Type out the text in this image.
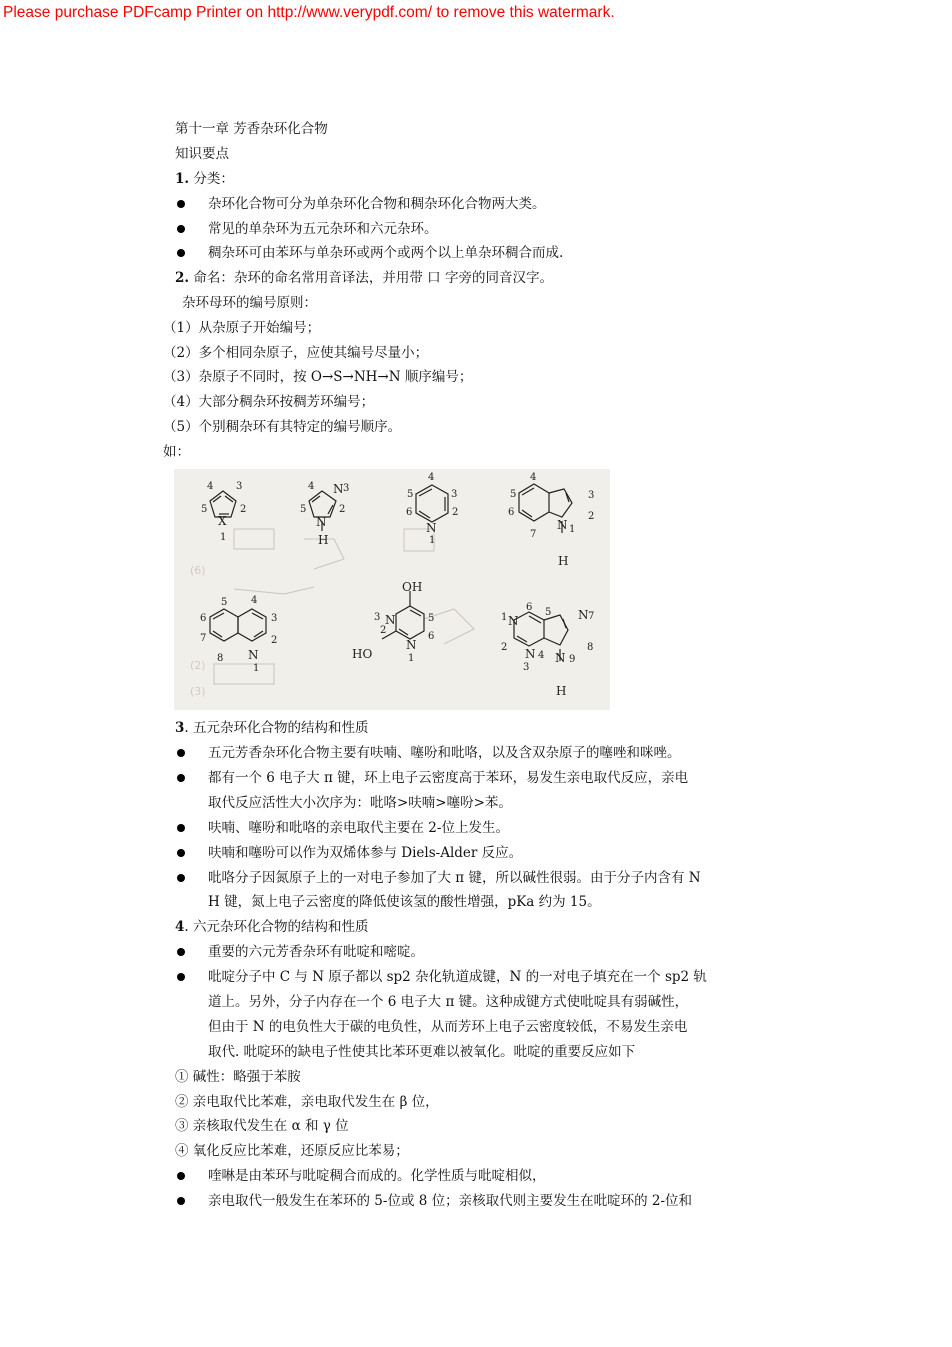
Please purchase PDFcamp Printer on http://www.verypdf.com/ to remove this watermark.

第十一章 芳香杂环化合物

知识要点

1. 分类：

杂环化合物可分为单杂环化合物和稠杂环化合物两大类。

常见的单杂环为五元杂环和六元杂环。

稠杂环可由苯环与单杂环或两个或两个以上单杂环稠合而成.

2. 命名：杂环的命名常用音译法，并用带 口 字旁的同音汉字。

杂环母环的编号原则：

（1）从杂原子开始编号；

（2）多个相同杂原子，应使其编号尽量小；

（3）杂原子不同时，按 O→S→NH→N 顺序编号；

（4）大部分稠杂环按稠芳环编号；

（5）个别稠杂环有其特定的编号顺序。

如：

(6)
(2)
(3)
4 3
5	2
X
1
4 N 3
5	2
N
H
4
5	3
6	2
N
1
4
5	3
6	2
7
N 1
H
5 4
6	3
7	2
8 N
1
OH
3 N	5
2
6
HO
N
1
6
1 N
5 N 7
2	8
N 4
3
N 9
H

3. 五元杂环化合物的结构和性质

五元芳香杂环化合物主要有呋喃、噻吩和吡咯，以及含双杂原子的噻唑和咪唑。

都有一个 6 电子大 π 键，环上电子云密度高于苯环，易发生亲电取代反应，亲电

取代反应活性大小次序为：吡咯>呋喃>噻吩>苯。

呋喃、噻吩和吡咯的亲电取代主要在 2-位上发生。

呋喃和噻吩可以作为双烯体参与 Diels-Alder 反应。

吡咯分子因氮原子上的一对电子参加了大 π 键，所以碱性很弱。由于分子内含有 N

H 键，氮上电子云密度的降低使该氢的酸性增强，pKa 约为 15。

4. 六元杂环化合物的结构和性质

重要的六元芳香杂环有吡啶和嘧啶。

吡啶分子中 C 与 N 原子都以 sp2 杂化轨道成键，N 的一对电子填充在一个 sp2 轨

道上。另外，分子内存在一个 6 电子大 π 键。这种成键方式使吡啶具有弱碱性，

但由于 N 的电负性大于碳的电负性，从而芳环上电子云密度较低，不易发生亲电

取代. 吡啶环的缺电子性使其比苯环更难以被氧化。吡啶的重要反应如下

① 碱性：略强于苯胺

② 亲电取代比苯难，亲电取代发生在 β 位，

③ 亲核取代发生在 α 和 γ 位

④ 氧化反应比苯难，还原反应比苯易；

喹啉是由苯环与吡啶稠合而成的。化学性质与吡啶相似，

亲电取代一般发生在苯环的 5-位或 8 位；亲核取代则主要发生在吡啶环的 2-位和
